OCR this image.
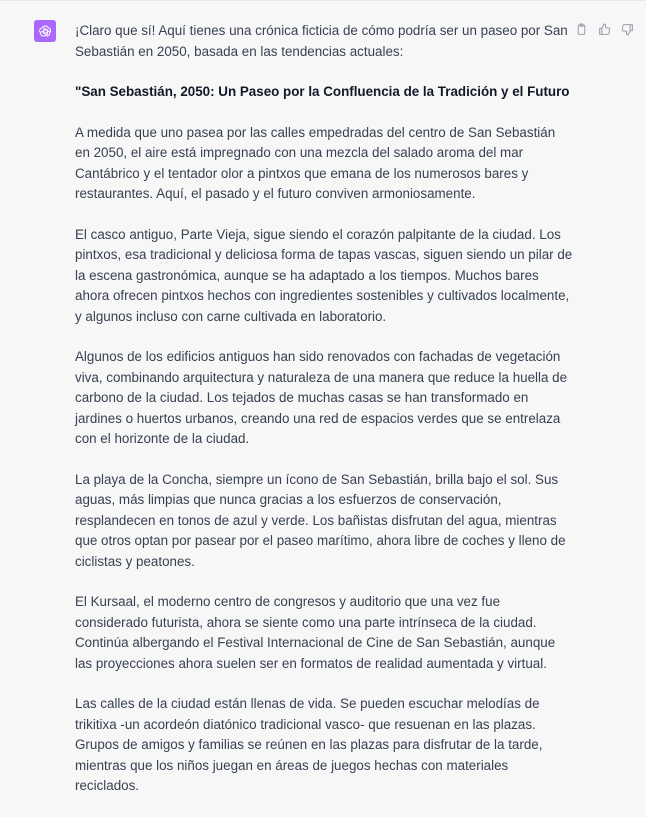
¡Claro que sí! Aquí tienes una crónica ficticia de cómo podría ser un paseo por San Sebastián en 2050, basada en las tendencias actuales:

"San Sebastián, 2050: Un Paseo por la Confluencia de la Tradición y el Futuro

A medida que uno pasea por las calles empedradas del centro de San Sebastián en 2050, el aire está impregnado con una mezcla del salado aroma del mar Cantábrico y el tentador olor a pintxos que emana de los numerosos bares y restaurantes. Aquí, el pasado y el futuro conviven armoniosamente.

El casco antiguo, Parte Vieja, sigue siendo el corazón palpitante de la ciudad. Los pintxos, esa tradicional y deliciosa forma de tapas vascas, siguen siendo un pilar de la escena gastronómica, aunque se ha adaptado a los tiempos. Muchos bares ahora ofrecen pintxos hechos con ingredientes sostenibles y cultivados localmente, y algunos incluso con carne cultivada en laboratorio.

Algunos de los edificios antiguos han sido renovados con fachadas de vegetación viva, combinando arquitectura y naturaleza de una manera que reduce la huella de carbono de la ciudad. Los tejados de muchas casas se han transformado en jardines o huertos urbanos, creando una red de espacios verdes que se entrelaza con el horizonte de la ciudad.

La playa de la Concha, siempre un ícono de San Sebastián, brilla bajo el sol. Sus aguas, más limpias que nunca gracias a los esfuerzos de conservación, resplandecen en tonos de azul y verde. Los bañistas disfrutan del agua, mientras que otros optan por pasear por el paseo marítimo, ahora libre de coches y lleno de ciclistas y peatones.

El Kursaal, el moderno centro de congresos y auditorio que una vez fue considerado futurista, ahora se siente como una parte intrínseca de la ciudad. Continúa albergando el Festival Internacional de Cine de San Sebastián, aunque las proyecciones ahora suelen ser en formatos de realidad aumentada y virtual.

Las calles de la ciudad están llenas de vida. Se pueden escuchar melodías de trikitixa -un acordeón diatónico tradicional vasco- que resuenan en las plazas. Grupos de amigos y familias se reúnen en las plazas para disfrutar de la tarde, mientras que los niños juegan en áreas de juegos hechas con materiales reciclados.
